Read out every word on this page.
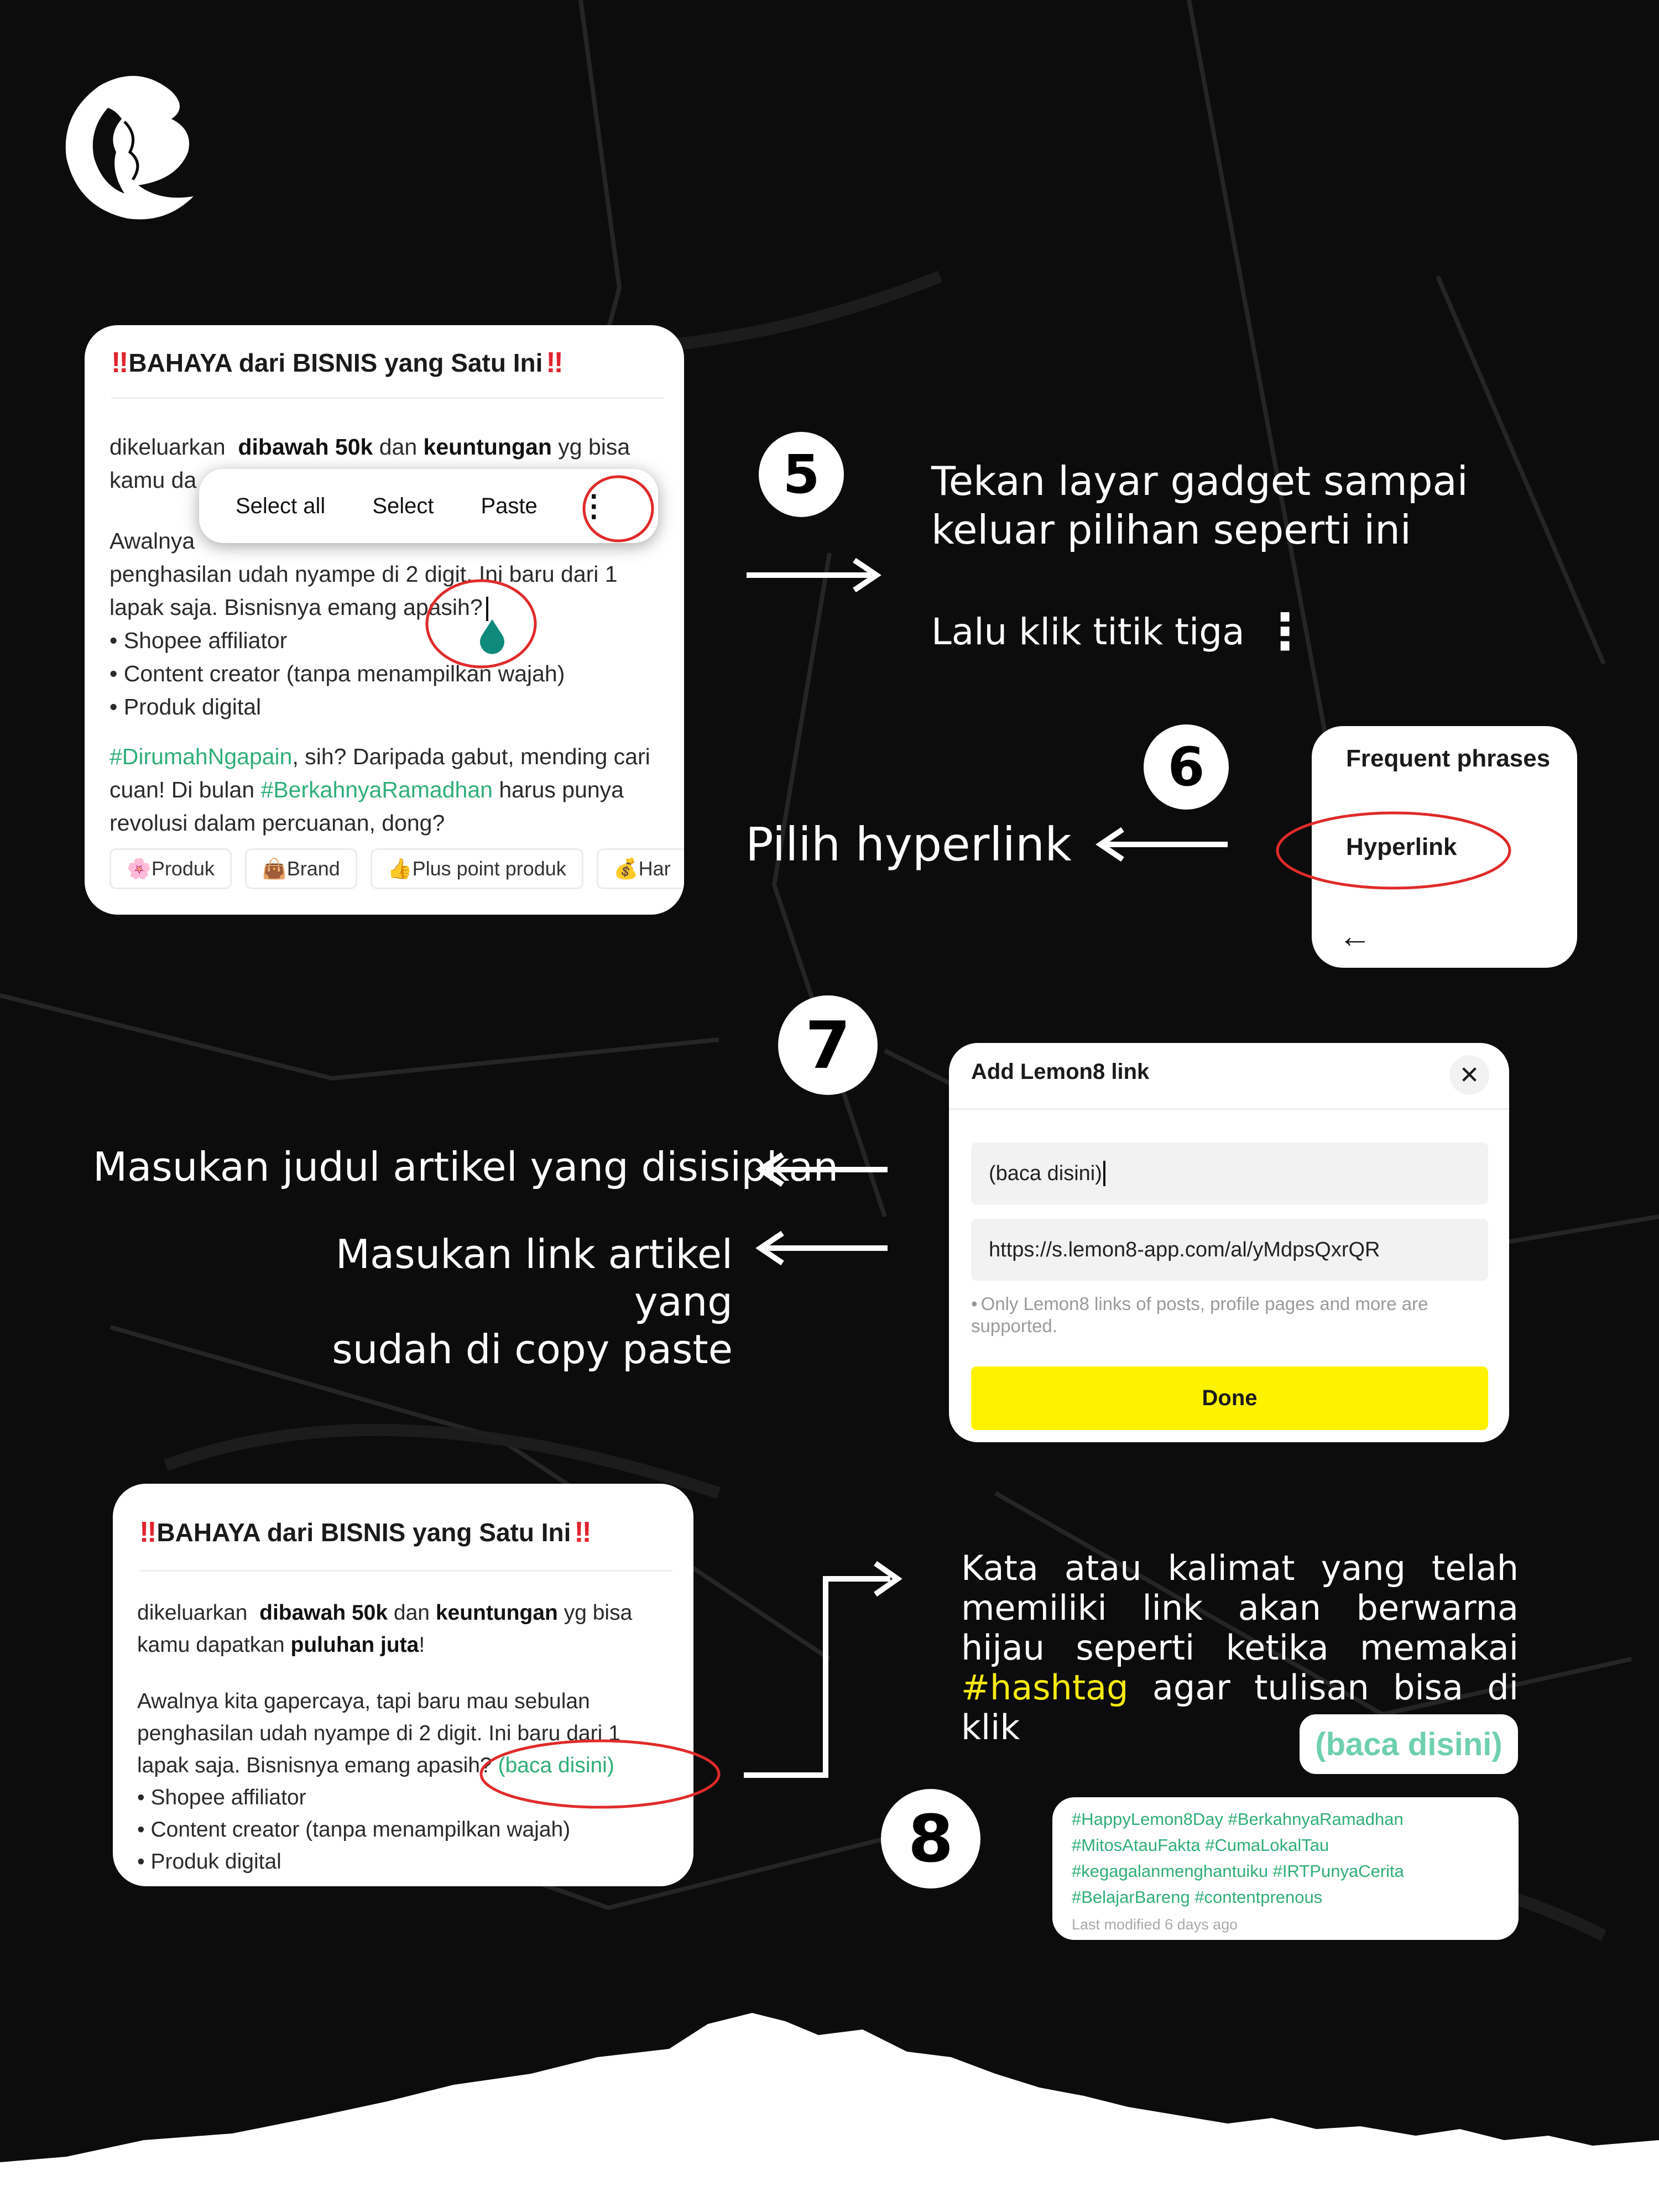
‼ BAHAYA dari BISNIS yang Satu Ini ‼
dikeluarkan dibawah 50k dan keuntungan yg bisa
kamu da
Awalnya
penghasilan udah nyampe di 2 digit. Ini baru dari 1
lapak saja. Bisnisnya emang apasih?
• Shopee affiliator
• Content creator (tanpa menampilkan wajah)
• Produk digital
#DirumahNgapain, sih? Daripada gabut, mending cari
cuan! Di bulan #BerkahnyaRamadhan harus punya
revolusi dalam percuanan, dong?
🌸Produk	👜Brand	👍Plus point produk	💰Har
Select all	Select	Paste	⋮
5	Tekan layar gadget sampai
keluar pilihan seperti ini
Lalu klik titik tiga ⋮
6
Pilih hyperlink
Frequent phrases
Hyperlink
←
7
Masukan judul artikel yang disisipkan
Masukan link artikel yang
sudah di copy paste
Add Lemon8 link	✕
(baca disini)
https://s.lemon8-app.com/al/yMdpsQxrQR
• Only Lemon8 links of posts, profile pages and more are supported.
Done
‼ BAHAYA dari BISNIS yang Satu Ini ‼
dikeluarkan dibawah 50k dan keuntungan yg bisa
kamu dapatkan puluhan juta!
Awalnya kita gapercaya, tapi baru mau sebulan
penghasilan udah nyampe di 2 digit. Ini baru dari 1
lapak saja. Bisnisnya emang apasih? (baca disini)
• Shopee affiliator
• Content creator (tanpa menampilkan wajah)
• Produk digital
Kata atau kalimat yang telah memiliki link akan berwarna hijau seperti ketika memakai #hashtag agar tulisan bisa di klik	(baca disini)
8	#HappyLemon8Day #BerkahnyaRamadhan
#MitosAtauFakta #CumaLokalTau
#kegagalanmenghantuiku #IRTPunyaCerita
#BelajarBareng #contentprenous
Last modified 6 days ago
